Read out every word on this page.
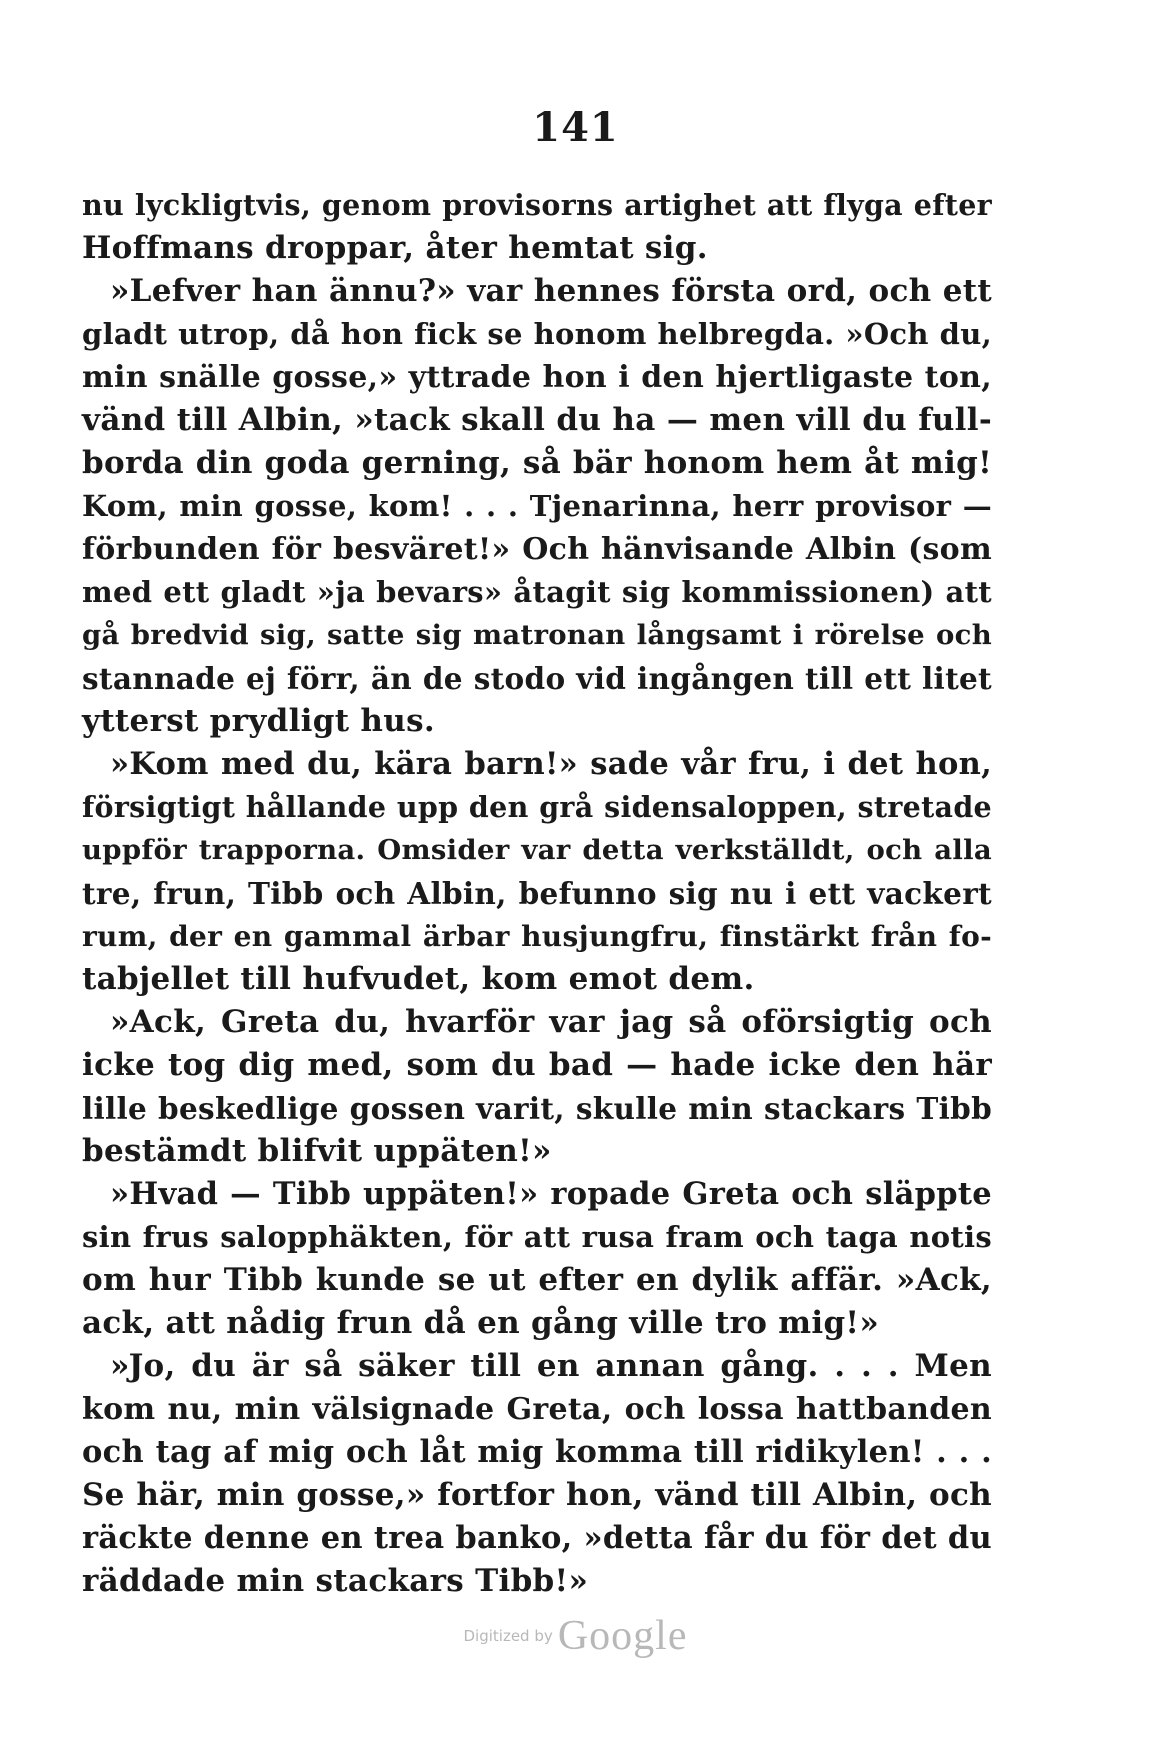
141
nu lyckligtvis, genom provisorns artighet att flyga efter
Hoffmans droppar, åter hemtat sig.
»Lefver han ännu?» var hennes första ord, och ett
gladt utrop, då hon fick se honom helbregda. »Och du,
min snälle gosse,» yttrade hon i den hjertligaste ton,
vänd till Albin, »tack skall du ha — men vill du full-
borda din goda gerning, så bär honom hem åt mig!
Kom, min gosse, kom! . . . Tjenarinna, herr provisor —
förbunden för besväret!» Och hänvisande Albin (som
med ett gladt »ja bevars» åtagit sig kommissionen) att
gå bredvid sig, satte sig matronan långsamt i rörelse och
stannade ej förr, än de stodo vid ingången till ett litet
ytterst prydligt hus.
»Kom med du, kära barn!» sade vår fru, i det hon,
försigtigt hållande upp den grå sidensaloppen, stretade
uppför trapporna. Omsider var detta verkställdt, och alla
tre, frun, Tibb och Albin, befunno sig nu i ett vackert
rum, der en gammal ärbar husjungfru, finstärkt från fo-
tabjellet till hufvudet, kom emot dem.
»Ack, Greta du, hvarför var jag så oförsigtig och
icke tog dig med, som du bad — hade icke den här
lille beskedlige gossen varit, skulle min stackars Tibb
bestämdt blifvit uppäten!»
»Hvad — Tibb uppäten!» ropade Greta och släppte
sin frus salopphäkten, för att rusa fram och taga notis
om hur Tibb kunde se ut efter en dylik affär. »Ack,
ack, att nådig frun då en gång ville tro mig!»
»Jo, du är så säker till en annan gång. . . . Men
kom nu, min välsignade Greta, och lossa hattbanden
och tag af mig och låt mig komma till ridikylen! . . .
Se här, min gosse,» fortfor hon, vänd till Albin, och
räckte denne en trea banko, »detta får du för det du
räddade min stackars Tibb!»
Digitized by Google
